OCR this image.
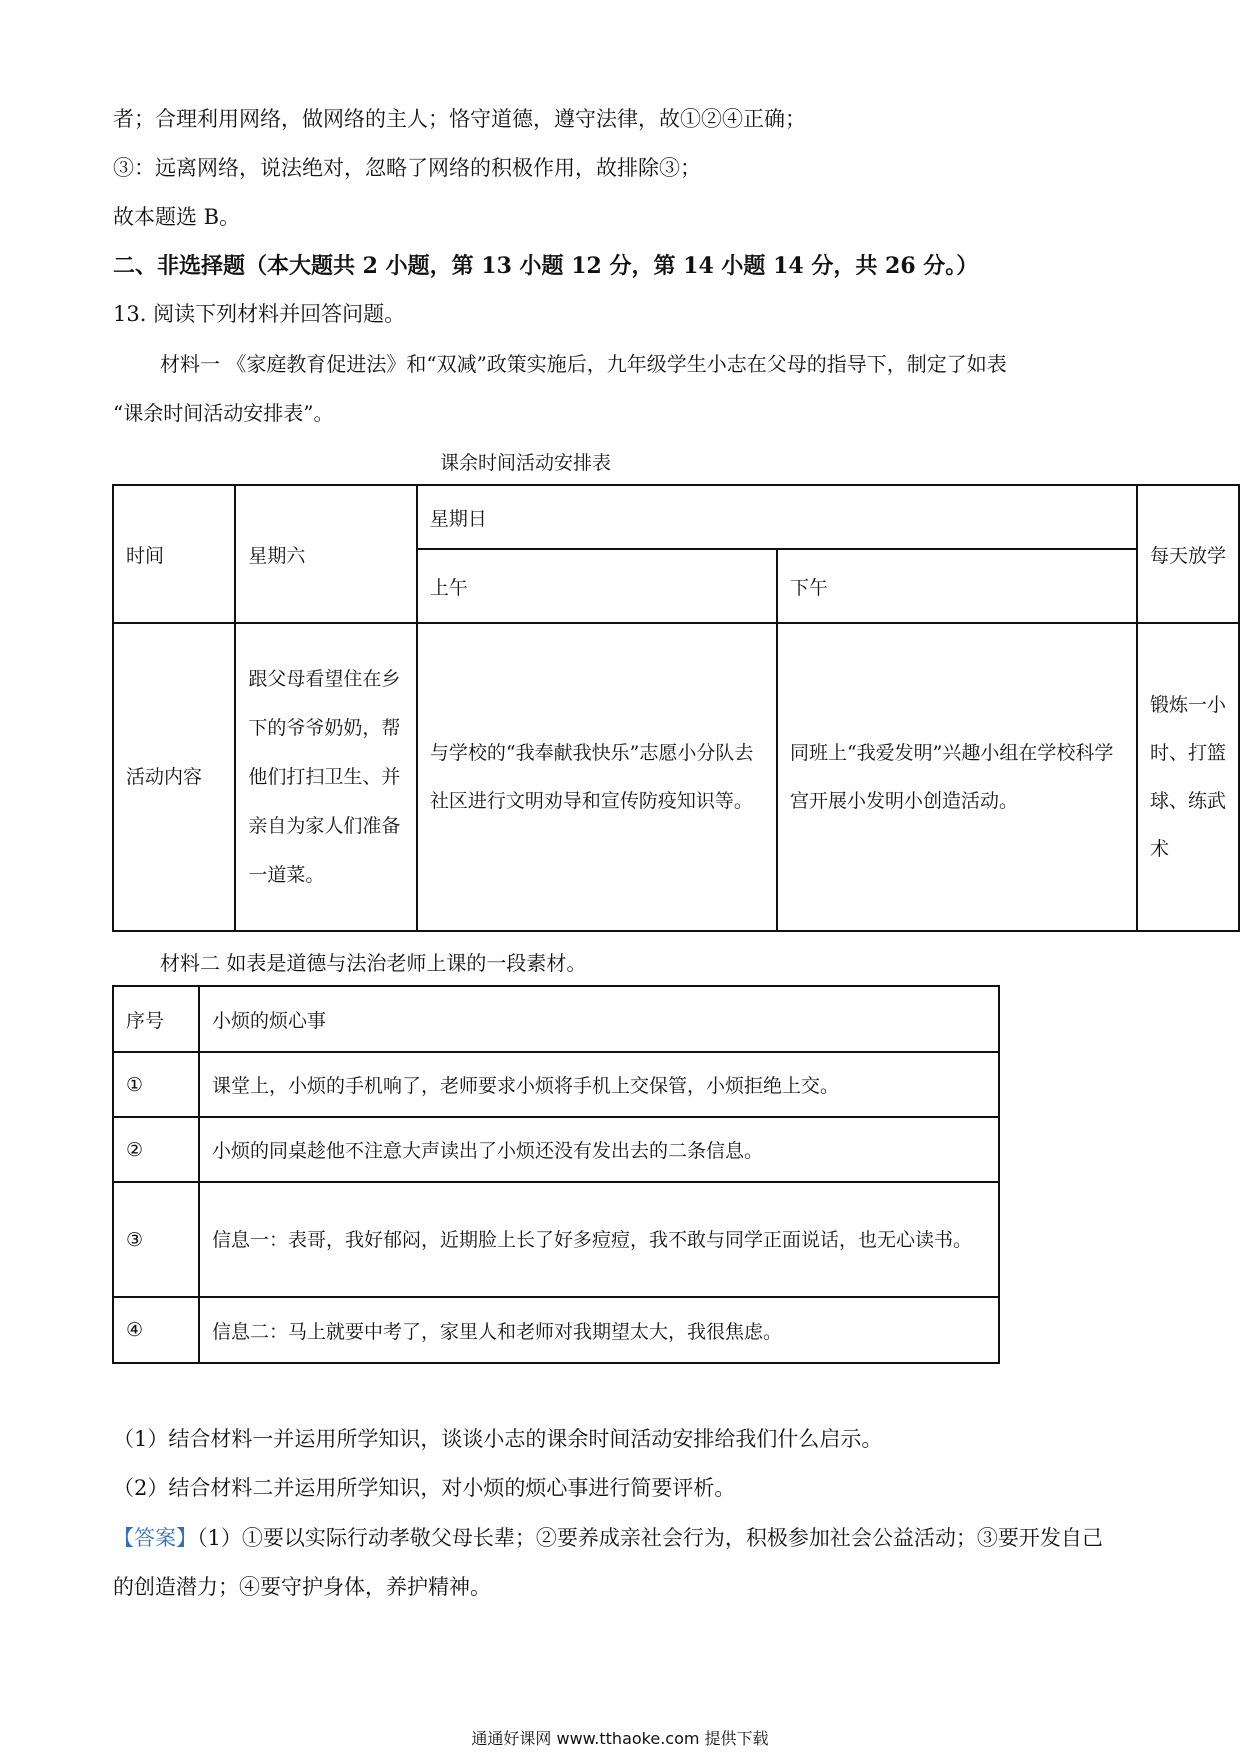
者；合理利用网络，做网络的主人；恪守道德，遵守法律，故①②④正确；
③：远离网络，说法绝对，忽略了网络的积极作用，故排除③；
故本题选 B。
二、非选择题（本大题共 2 小题，第 13 小题 12 分，第 14 小题 14 分，共 26 分。）
13. 阅读下列材料并回答问题。
材料一 《家庭教育促进法》和“双减”政策实施后，九年级学生小志在父母的指导下，制定了如表
“课余时间活动安排表”。
课余时间活动安排表
时间	星期六	星期日		每天放学
		上午	下午	
活动内容	跟父母看望住在乡下的爷爷奶奶，帮他们打扫卫生、并亲自为家人们准备一道菜。	与学校的“我奉献我快乐”志愿小分队去社区进行文明劝导和宣传防疫知识等。	同班上“我爱发明”兴趣小组在学校科学宫开展小发明小创造活动。	锻炼一小时、打篮球、练武术
材料二 如表是道德与法治老师上课的一段素材。
序号	小烦的烦心事
①	课堂上，小烦的手机响了，老师要求小烦将手机上交保管，小烦拒绝上交。
②	小烦的同桌趁他不注意大声读出了小烦还没有发出去的二条信息。
③	信息一：表哥，我好郁闷，近期脸上长了好多痘痘，我不敢与同学正面说话，也无心读书。
④	信息二：马上就要中考了，家里人和老师对我期望太大，我很焦虑。
（1）结合材料一并运用所学知识，谈谈小志的课余时间活动安排给我们什么启示。
（2）结合材料二并运用所学知识，对小烦的烦心事进行简要评析。
【答案】（1）①要以实际行动孝敬父母长辈；②要养成亲社会行为，积极参加社会公益活动；③要开发自己
的创造潜力；④要守护身体，养护精神。
通通好课网 www.tthaoke.com 提供下载
